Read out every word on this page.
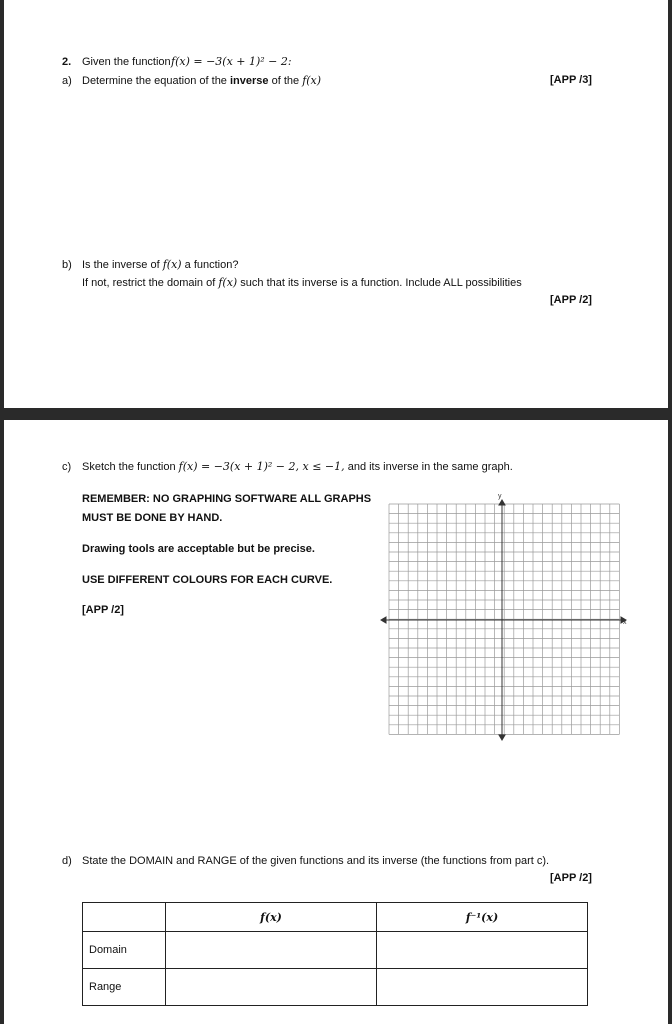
2. Given the function f(x) = −3(x + 1)² − 2:
a) Determine the equation of the inverse of the f(x)	[APP /3]
b) Is the inverse of f(x) a function?
If not, restrict the domain of f(x) such that its inverse is a function. Include ALL possibilities
[APP /2]
c) Sketch the function f(x) = −3(x + 1)² − 2, x ≤ −1, and its inverse in the same graph.
REMEMBER: NO GRAPHING SOFTWARE ALL GRAPHS
MUST BE DONE BY HAND.
Drawing tools are acceptable but be precise.
USE DIFFERENT COLOURS FOR EACH CURVE.
[APP /2]
x
y
d) State the DOMAIN and RANGE of the given functions and its inverse (the functions from part c).
[APP /2]
	f(x)	f⁻¹(x)
Domain		
Range		
